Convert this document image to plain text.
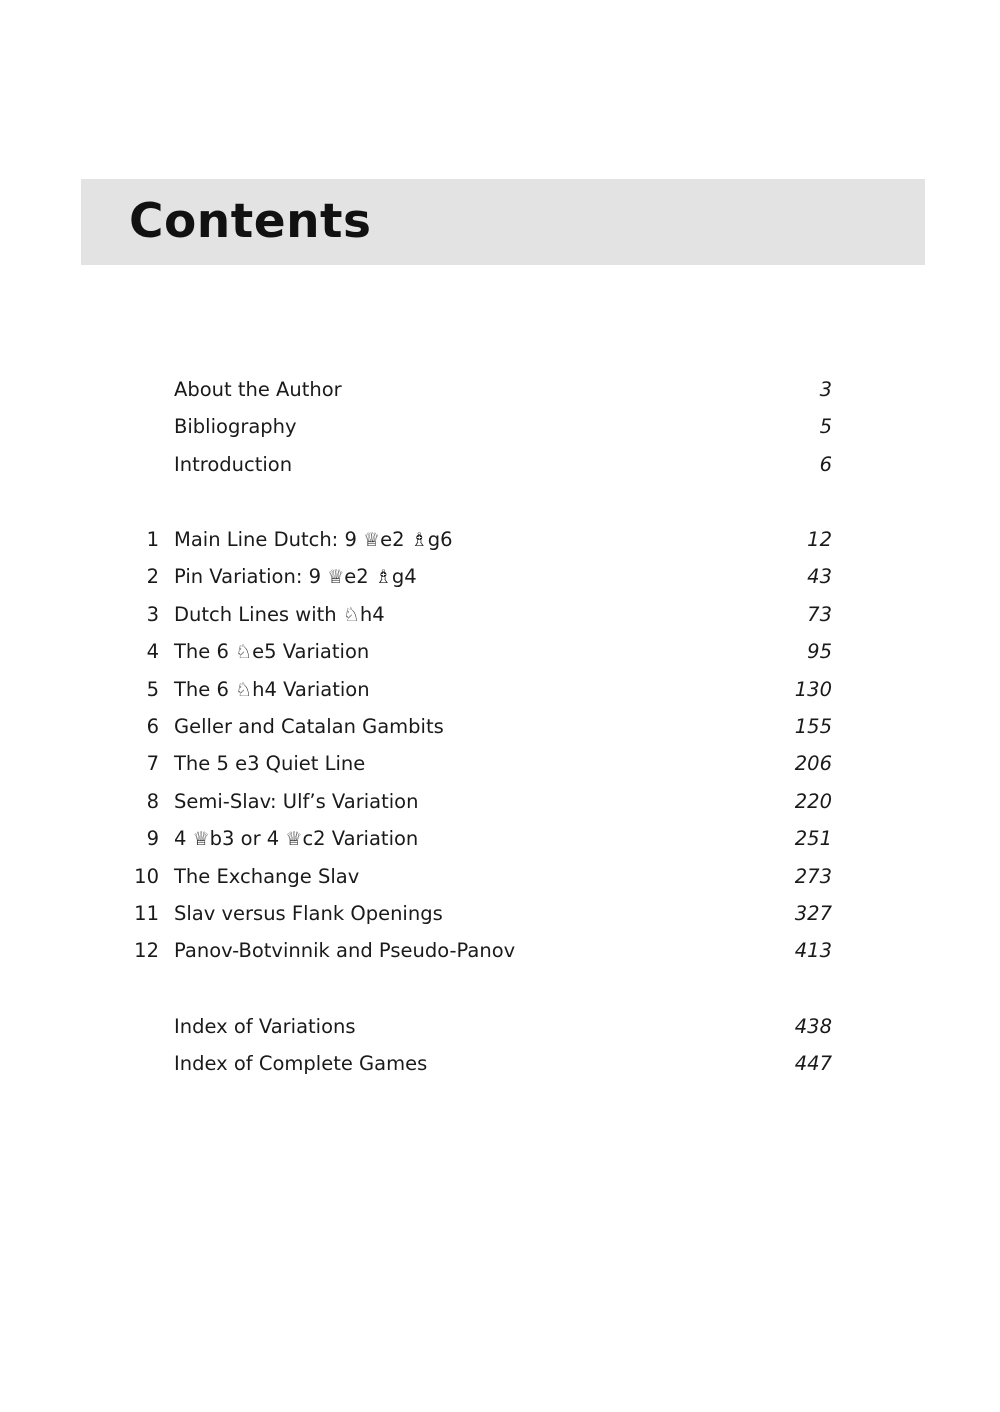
Contents
About the Author	3
Bibliography	5
Introduction	6
1 Main Line Dutch: 9 ♕e2 ♗g6	12
2 Pin Variation: 9 ♕e2 ♗g4	43
3 Dutch Lines with ♘h4	73
4 The 6 ♘e5 Variation	95
5 The 6 ♘h4 Variation	130
6 Geller and Catalan Gambits	155
7 The 5 e3 Quiet Line	206
8 Semi-Slav: Ulf’s Variation	220
9 4 ♕b3 or 4 ♕c2 Variation	251
10 The Exchange Slav	273
11 Slav versus Flank Openings	327
12 Panov-Botvinnik and Pseudo-Panov	413
Index of Variations	438
Index of Complete Games	447
